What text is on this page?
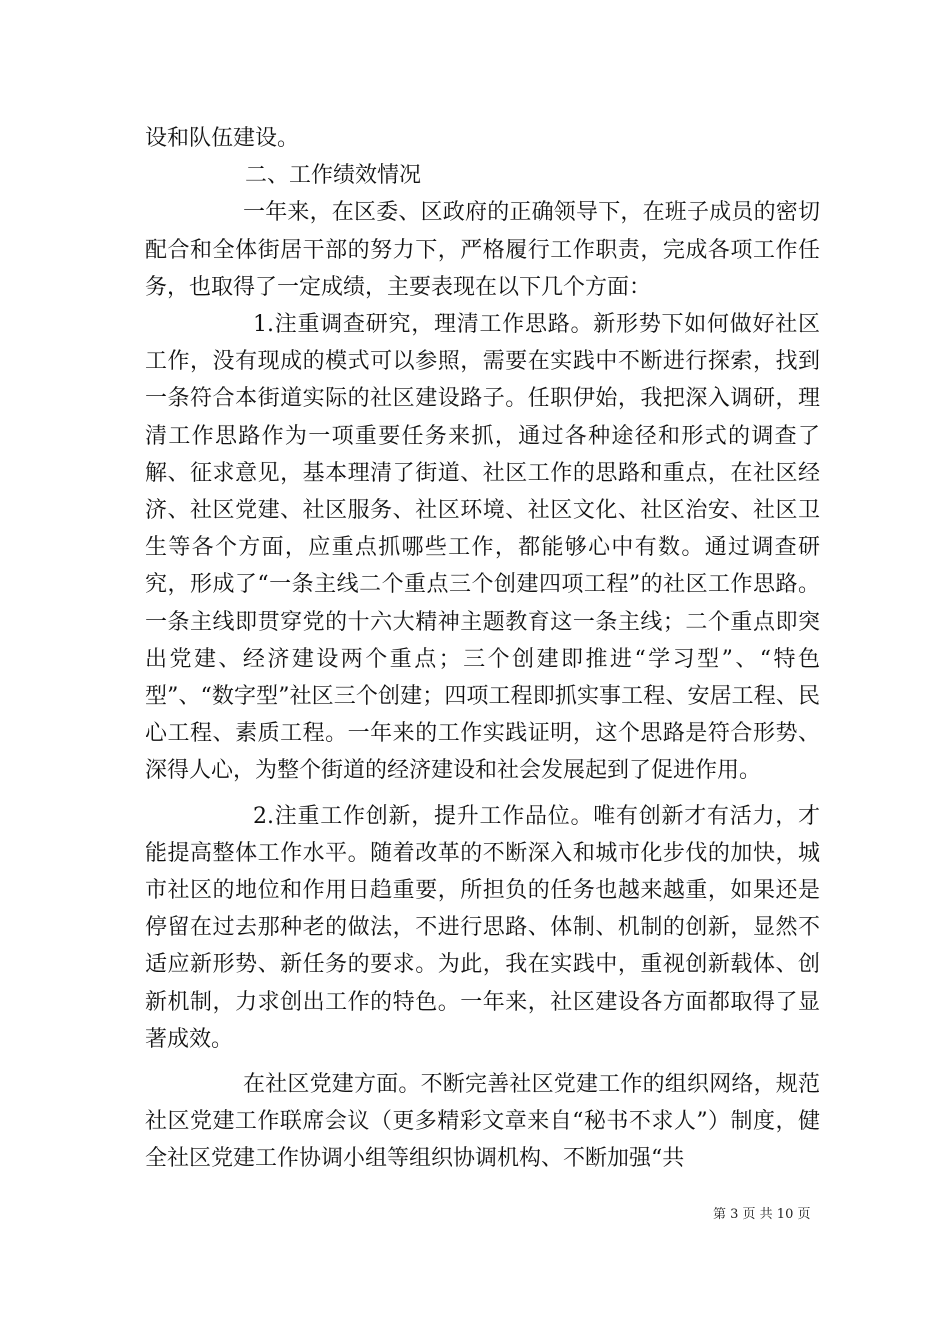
设和队伍建设。

二、工作绩效情况

一年来，在区委、区政府的正确领导下，在班子成员的密切配合和全体街居干部的努力下，严格履行工作职责，完成各项工作任务，也取得了一定成绩，主要表现在以下几个方面：

1.注重调查研究，理清工作思路。新形势下如何做好社区工作，没有现成的模式可以参照，需要在实践中不断进行探索，找到一条符合本街道实际的社区建设路子。任职伊始，我把深入调研，理清工作思路作为一项重要任务来抓，通过各种途径和形式的调查了解、征求意见，基本理清了街道、社区工作的思路和重点，在社区经济、社区党建、社区服务、社区环境、社区文化、社区治安、社区卫生等各个方面，应重点抓哪些工作，都能够心中有数。通过调查研究，形成了“一条主线二个重点三个创建四项工程”的社区工作思路。一条主线即贯穿党的十六大精神主题教育这一条主线；二个重点即突出党建、经济建设两个重点；三个创建即推进“学习型”、“特色型”、“数字型”社区三个创建；四项工程即抓实事工程、安居工程、民心工程、素质工程。一年来的工作实践证明，这个思路是符合形势、深得人心，为整个街道的经济建设和社会发展起到了促进作用。

2.注重工作创新，提升工作品位。唯有创新才有活力，才能提高整体工作水平。随着改革的不断深入和城市化步伐的加快，城市社区的地位和作用日趋重要，所担负的任务也越来越重，如果还是停留在过去那种老的做法，不进行思路、体制、机制的创新，显然不适应新形势、新任务的要求。为此，我在实践中，重视创新载体、创新机制，力求创出工作的特色。一年来，社区建设各方面都取得了显著成效。

在社区党建方面。不断完善社区党建工作的组织网络，规范社区党建工作联席会议（更多精彩文章来自“秘书不求人”）制度，健全社区党建工作协调小组等组织协调机构、不断加强“共

第 3 页 共 10 页
